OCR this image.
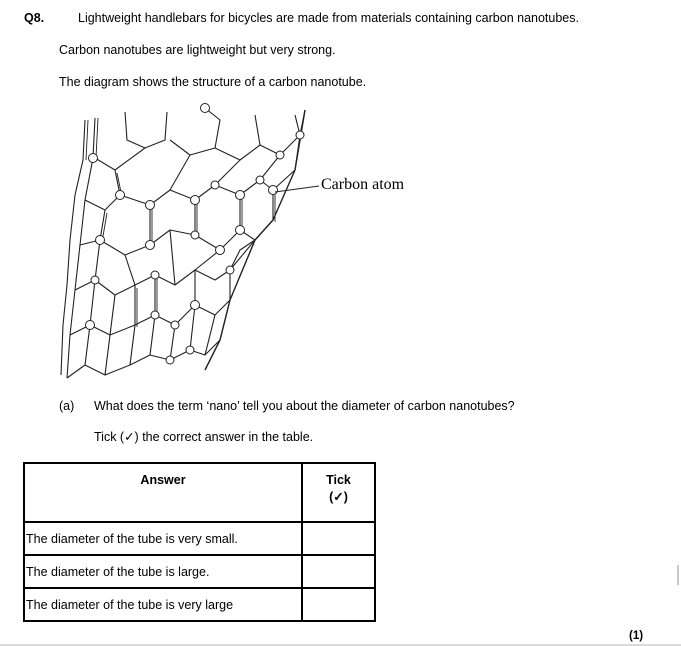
Q8.	Lightweight handlebars for bicycles are made from materials containing carbon nanotubes.
Carbon nanotubes are lightweight but very strong.
The diagram shows the structure of a carbon nanotube.
Carbon atom
(a) What does the term ‘nano’ tell you about the diameter of carbon nanotubes?
Tick (✓) the correct answer in the table.
Answer	Tick
(✓)

The diameter of the tube is very small.	
The diameter of the tube is large.	
The diameter of the tube is very large	
(1)
